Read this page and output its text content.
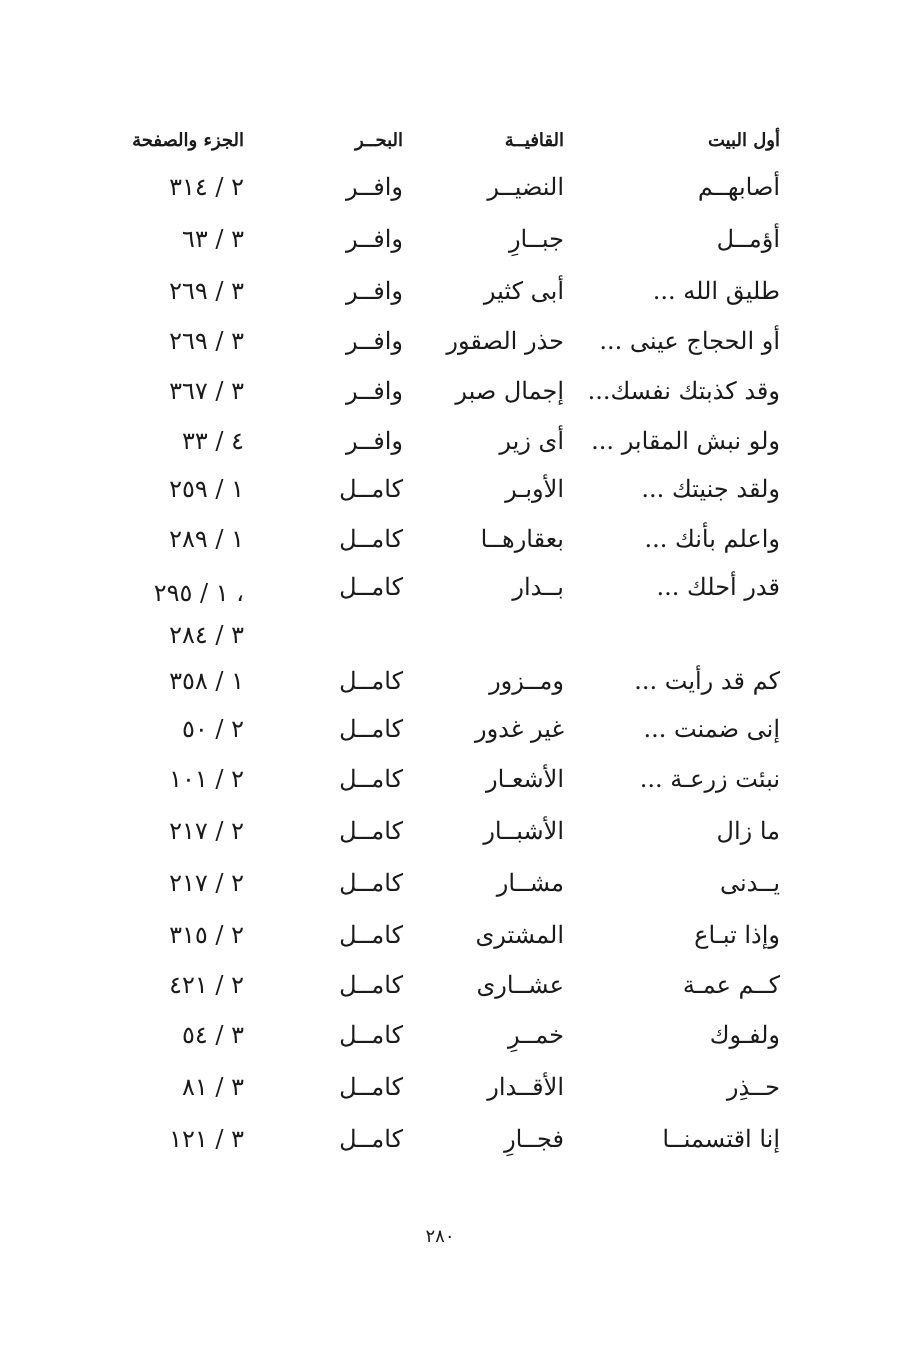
أول البيت
القافيــة
البحــر
الجزء والصفحة
أصابهــم
النضيــر
وافــر
٢ / ٣١٤
أؤمــل
جبــارِ
وافــر
٣ / ٦٣
طليق الله ...
أبى كثير
وافــر
٣ / ٢٦٩
أو الحجاج عينى ...
حذر الصقور
وافــر
٣ / ٢٦٩
وقد كذبتك نفسك...
إجمال صبر
وافــر
٣ / ٣٦٧
ولو نبش المقابر ...
أى زير
وافــر
٤ / ٣٣
ولقد جنيتك ...
الأوبـر
كامــل
١ / ٢٥٩
واعلم بأنك ...
بعقارهــا
كامــل
١ / ٢٨٩
قدر أحلك ...
بــدار
كامــل
١ / ٢٩٥ ،
٣ / ٢٨٤
كم قد رأيت ...
ومــزور
كامــل
١ / ٣٥٨
إنى ضمنت ...
غير غدور
كامــل
٢ / ٥٠
نبئت زرعـة ...
الأشعـار
كامــل
٢ / ١٠١
ما زال
الأشبــار
كامــل
٢ / ٢١٧
يــدنى
مشــار
كامــل
٢ / ٢١٧
وإذا تبـاع
المشترى
كامــل
٢ / ٣١٥
كــم عمـة
عشــارى
كامــل
٢ / ٤٢١
ولفـوك
خمــرِ
كامــل
٣ / ٥٤
حــذِر
الأقــدار
كامــل
٣ / ٨١
إنا اقتسمنــا
فجــارِ
كامــل
٣ / ١٢١
٢٨٠
